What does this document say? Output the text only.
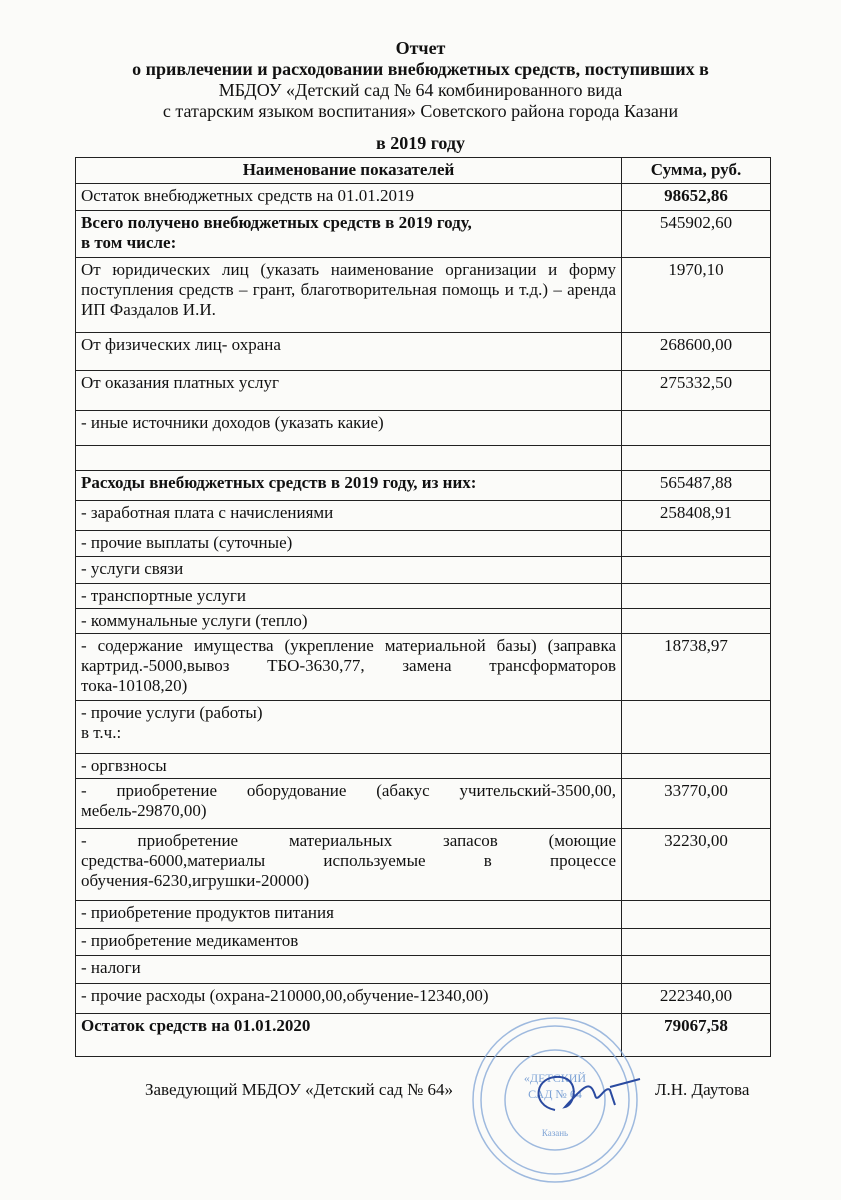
Отчет
о привлечении и расходовании внебюджетных средств, поступивших в
МБДОУ «Детский сад № 64 комбинированного вида
с татарским языком воспитания» Советского района города Казани
в 2019 году
Наименование показателей	Сумма, руб.
Остаток внебюджетных средств на 01.01.2019	98652,86
Всего получено внебюджетных средств в 2019 году,
в том числе:	545902,60
От юридических лиц (указать наименование организации и форму поступления средств – грант, благотворительная помощь и т.д.) – аренда ИП Фаздалов И.И.	1970,10
От физических лиц- охрана	268600,00
От оказания платных услуг	275332,50
- иные источники доходов (указать какие)	

Расходы внебюджетных средств в 2019 году, из них:	565487,88
- заработная плата с начислениями	258408,91
- прочие выплаты (суточные)	
- услуги связи	
- транспортные услуги	
- коммунальные услуги (тепло)	
- содержание имущества (укрепление материальной базы) (заправка картрид.-5000,вывоз ТБО-3630,77, замена трансформаторов тока-10108,20)	18738,97
- прочие услуги (работы)
в т.ч.:	
- оргвзносы	
- приобретение оборудование (абакус учительский-3500,00, мебель-29870,00)	33770,00
- приобретение материальных запасов (моющие средства-6000,материалы используемые в процессе обучения-6230,игрушки-20000)	32230,00
- приобретение продуктов питания	
- приобретение медикаментов	
- налоги	
- прочие расходы (охрана-210000,00,обучение-12340,00)	222340,00
Остаток средств на 01.01.2020	79067,58
«ДЕТСКИЙ
САД № 64
Казань
Заведующий МБДОУ «Детский сад № 64»	Л.Н. Даутова
